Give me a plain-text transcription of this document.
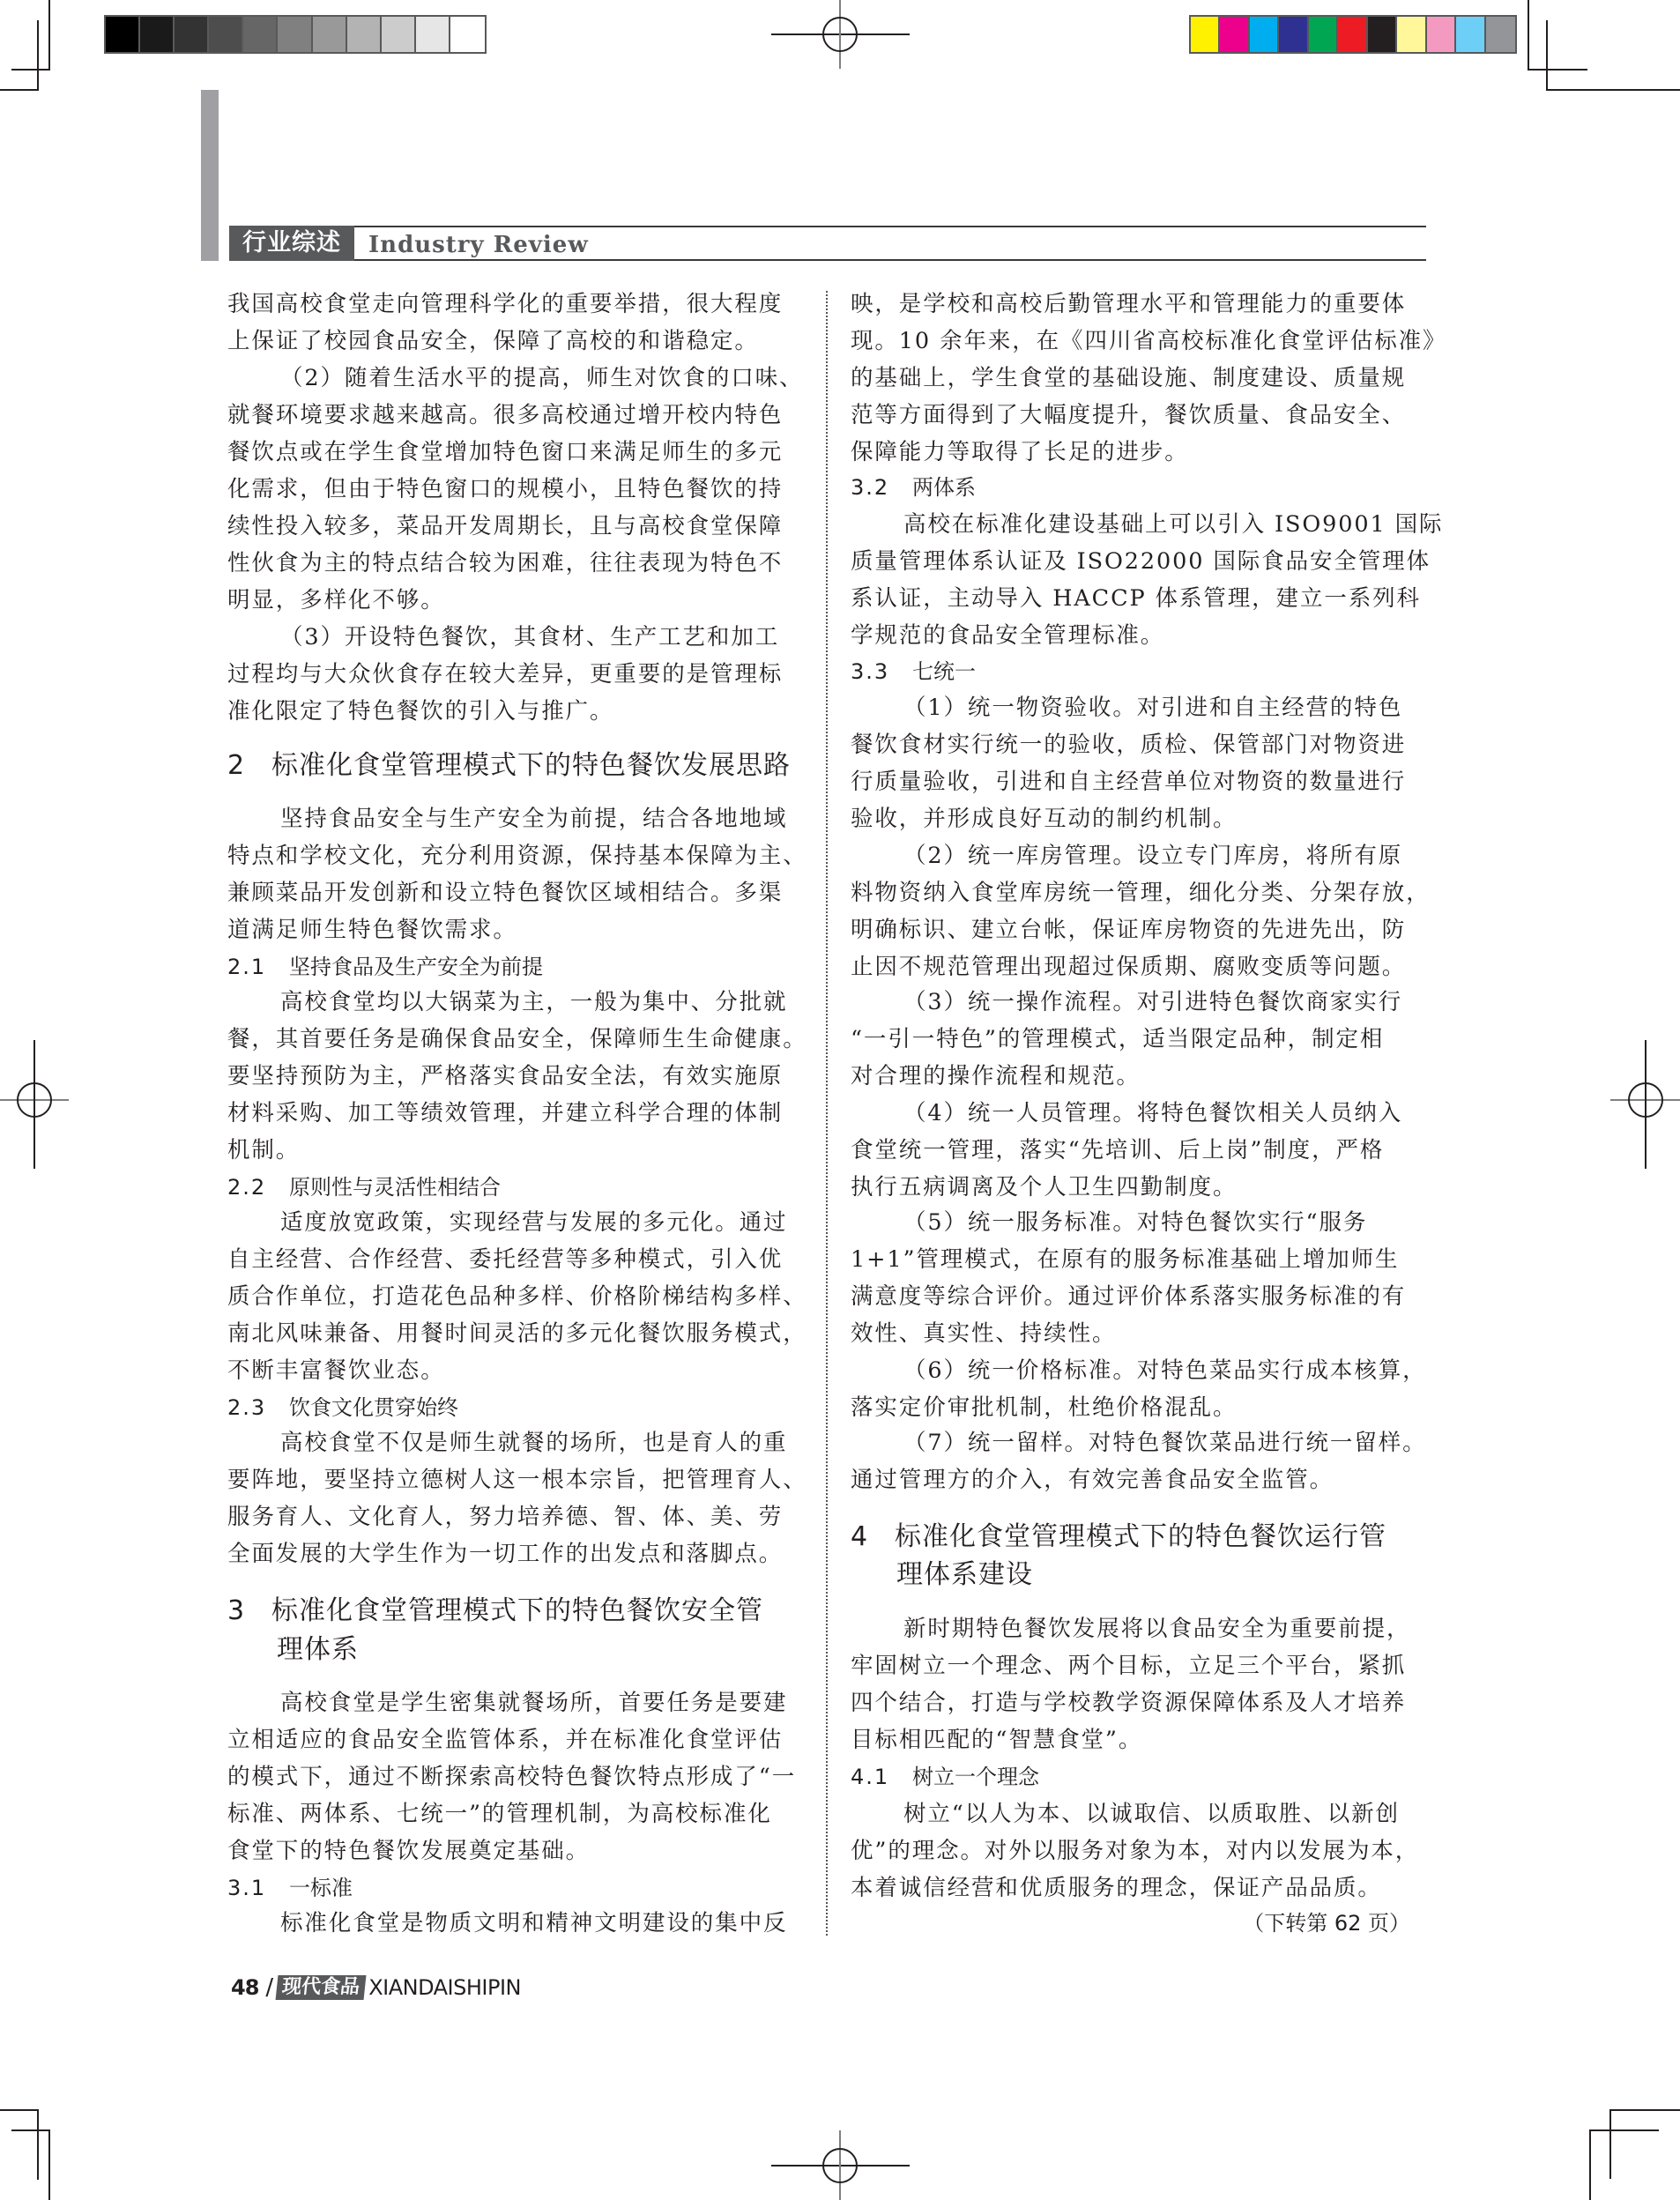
行业综述	Industry Review
我国高校食堂走向管理科学化的重要举措，很大程度
上保证了校园食品安全，保障了高校的和谐稳定。
（2）随着生活水平的提高，师生对饮食的口味、
就餐环境要求越来越高。很多高校通过增开校内特色
餐饮点或在学生食堂增加特色窗口来满足师生的多元
化需求，但由于特色窗口的规模小，且特色餐饮的持
续性投入较多，菜品开发周期长，且与高校食堂保障
性伙食为主的特点结合较为困难，往往表现为特色不
明显，多样化不够。
（3）开设特色餐饮，其食材、生产工艺和加工
过程均与大众伙食存在较大差异，更重要的是管理标
准化限定了特色餐饮的引入与推广。
2 标准化食堂管理模式下的特色餐饮发展思路
坚持食品安全与生产安全为前提，结合各地地域
特点和学校文化，充分利用资源，保持基本保障为主、
兼顾菜品开发创新和设立特色餐饮区域相结合。多渠
道满足师生特色餐饮需求。
2.1 坚持食品及生产安全为前提
高校食堂均以大锅菜为主，一般为集中、分批就
餐，其首要任务是确保食品安全，保障师生生命健康。
要坚持预防为主，严格落实食品安全法，有效实施原
材料采购、加工等绩效管理，并建立科学合理的体制
机制。
2.2 原则性与灵活性相结合
适度放宽政策，实现经营与发展的多元化。通过
自主经营、合作经营、委托经营等多种模式，引入优
质合作单位，打造花色品种多样、价格阶梯结构多样、
南北风味兼备、用餐时间灵活的多元化餐饮服务模式，
不断丰富餐饮业态。
2.3 饮食文化贯穿始终
高校食堂不仅是师生就餐的场所，也是育人的重
要阵地，要坚持立德树人这一根本宗旨，把管理育人、
服务育人、文化育人，努力培养德、智、体、美、劳
全面发展的大学生作为一切工作的出发点和落脚点。
3 标准化食堂管理模式下的特色餐饮安全管
理体系
高校食堂是学生密集就餐场所，首要任务是要建
立相适应的食品安全监管体系，并在标准化食堂评估
的模式下，通过不断探索高校特色餐饮特点形成了“一
标准、两体系、七统一”的管理机制，为高校标准化
食堂下的特色餐饮发展奠定基础。
3.1 一标准
标准化食堂是物质文明和精神文明建设的集中反
映，是学校和高校后勤管理水平和管理能力的重要体
现。10 余年来，在《四川省高校标准化食堂评估标准》
的基础上，学生食堂的基础设施、制度建设、质量规
范等方面得到了大幅度提升，餐饮质量、食品安全、
保障能力等取得了长足的进步。
3.2 两体系
高校在标准化建设基础上可以引入 ISO9001 国际
质量管理体系认证及 ISO22000 国际食品安全管理体
系认证，主动导入 HACCP 体系管理，建立一系列科
学规范的食品安全管理标准。
3.3 七统一
（1）统一物资验收。对引进和自主经营的特色
餐饮食材实行统一的验收，质检、保管部门对物资进
行质量验收，引进和自主经营单位对物资的数量进行
验收，并形成良好互动的制约机制。
（2）统一库房管理。设立专门库房，将所有原
料物资纳入食堂库房统一管理，细化分类、分架存放，
明确标识、建立台帐，保证库房物资的先进先出，防
止因不规范管理出现超过保质期、腐败变质等问题。
（3）统一操作流程。对引进特色餐饮商家实行
“一引一特色”的管理模式，适当限定品种，制定相
对合理的操作流程和规范。
（4）统一人员管理。将特色餐饮相关人员纳入
食堂统一管理，落实“先培训、后上岗”制度，严格
执行五病调离及个人卫生四勤制度。
（5）统一服务标准。对特色餐饮实行“服务
1+1”管理模式，在原有的服务标准基础上增加师生
满意度等综合评价。通过评价体系落实服务标准的有
效性、真实性、持续性。
（6）统一价格标准。对特色菜品实行成本核算，
落实定价审批机制，杜绝价格混乱。
（7）统一留样。对特色餐饮菜品进行统一留样。
通过管理方的介入，有效完善食品安全监管。
4 标准化食堂管理模式下的特色餐饮运行管
理体系建设
新时期特色餐饮发展将以食品安全为重要前提，
牢固树立一个理念、两个目标，立足三个平台，紧抓
四个结合，打造与学校教学资源保障体系及人才培养
目标相匹配的“智慧食堂”。
4.1 树立一个理念
树立“以人为本、以诚取信、以质取胜、以新创
优”的理念。对外以服务对象为本，对内以发展为本，
本着诚信经营和优质服务的理念，保证产品品质。
（下转第 62 页）
48 / 现代食品 XIANDAISHIPIN
